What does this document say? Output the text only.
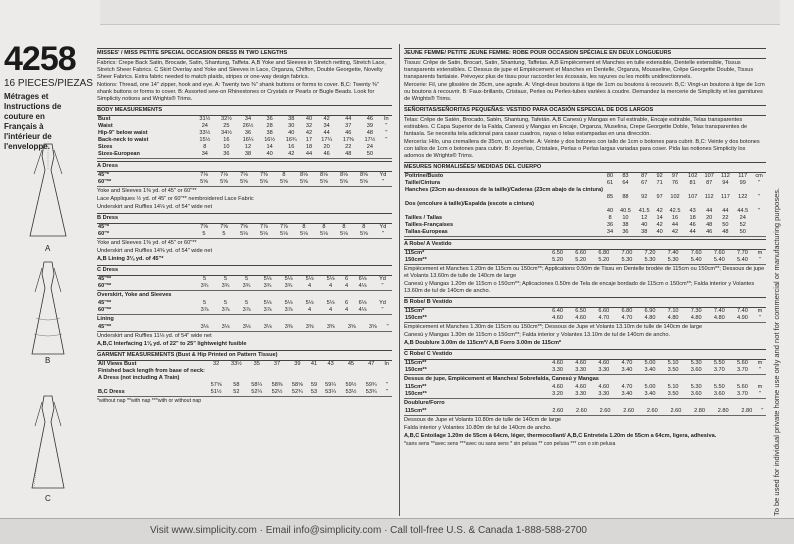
4258
16 PIECES/PIEZAS
Métrages et Instructions de couture en Français à l'intérieur de l'enveloppe.
A
B
C
MISSES' / MISS PETITE SPECIAL OCCASION DRESS IN TWO LENGTHS
Fabrics: Crepe Back Satin, Brocade, Satin, Shantung, Taffeta. A,B Yoke and Sleeves in Stretch netting, Stretch Lace, Stretch Sheer Fabrics. C Skirt Overlay and Yoke and Sleeves in Lace, Organza, Chiffon, Double Georgette, Novelty Sheer Fabrics. Extra fabric needed to match plaids, stripes or one-way design fabrics.
Notions: Thread, one 14" zipper, hook and eye. A: Twenty two ⅜" shank buttons or forms to cover. B,C: Twenty ⅜" shank buttons or forms to cover. B: Assorted sew-on Rhinestones or Crystals or Pearls or Bugle Beads. Look for Simplicity notions and Wrights® Trims.
BODY MEASUREMENTS
Bust	31½	32½	34	36	38	40	42	44	46	In
Waist	24	25	26½	28	30	32	34	37	39	"
Hip-9" below waist	33½	34½	36	38	40	42	44	46	48	"
Back-neck to waist	15½	16	16¼	16½	16¾	17	17¼	17⅜	17½	"
Sizes	8	10	12	14	16	18	20	22	24	
Sizes-European	34	36	38	40	42	44	46	48	50	
A Dress
45"*	7⅛	7⅛	7⅛	7⅜	8	8⅛	8⅛	8⅛	8⅝	Yd
60"**	5⅝	5⅝	5⅝	5⅝	5⅝	5⅝	5⅝	5⅝	5⅝	"
Yoke and Sleeves 1⅜ yd. of 45" or 60"**
Lace Appliques ½ yd. of 45" or 60"** nembroidered Lace Fabric
Underskirt and Ruffles 14⅛ yd. of 54" wide net
B Dress
45"*	7⅝	7⅝	7⅝	7⅞	7⅞	8	8	8	8	Yd
60"*	5	5	5⅛	5⅛	5⅛	5⅛	5⅛	5⅛	5⅝	"
Yoke and Sleeves 1⅜ yd. of 45" or 60"**
Underskirt and Ruffles 14⅜ yd. of 54" wide net
A,B Lining 3⅛ yd. of 45"*
C Dress
45"**	5	5	5	5⅛	5⅛	5⅛	5⅛	6	6⅛	Yd
60"**	3¾	3¾	3¾	3¾	3¾	4	4	4	4⅛	"
Overskirt, Yoke and Sleeves
45"**	5	5	5	5⅛	5⅛	5⅛	5⅛	6	6⅛	Yd
60"**	3⅞	3⅞	3⅞	3⅞	3⅞	4	4	4	4⅛	"
Lining
45"**	3⅛	3⅛	3⅛	3⅛	3⅜	3⅜	3⅜	3⅝	3⅝	"
Underskirt and Ruffles 11⅛ yd. of 54" wide net
A,B,C Interfacing 1⅛ yd. of 22" to 25" lightweight fusible
GARMENT MEASUREMENTS (Bust & Hip Printed on Pattern Tissue)
All Views Bust	32	33½	35	37	39	41	43	45	47	In
Finished back length from base of neck:										
A Dress (not including A Train)										
	57⅝	58	58¼	58⅜	58⅝	59	59¼	59½	59¾	"
B,C Dress	51½	52	52¼	52½	52¾	53	53¼	53½	53¾	"
*without nap **with nap ***with or without nap
JEUNE FEMME/ PETITE JEUNE FEMME: ROBE POUR OCCASION SPÉCIALE EN DEUX LONGUEURS
Tissus: Crêpe de Satin, Brocart, Satin, Shantung, Taffetas. A,B Empiècement et Manches en tulle extensible, Dentelle extensible, Tissus transparents extensibles. C Dessus de jupe et Empiècement et Manches en Dentelle, Organza, Mousseline, Crêpe Georgette Double, Tissus transparents fantaisie. Prévoyez plus de tissu pour raccorder les écossais, les rayures ou les motifs unidirectionnels.
Mercerie: Fil, une glissière de 35cm, une agrafe. A: Vingt-deux boutons à tige de 1cm ou boutons à recouvrir. B,C: Vingt-un boutons à tige de 1cm ou boutons à recouvrir. B: Faux-brillants, Cristaux, Perles ou Perles-tubes variées à coudre. Demandez la mercerie de Simplicity et les garnitures de Wrights® Trims.
SEÑORITAS/SEÑORITAS PEQUEÑAS: VESTIDO PARA OCASIÓN ESPECIAL DE DOS LARGOS
Telas: Crêpe de Satén, Brocado, Satén, Shantung, Tafetán. A,B Canesú y Mangas en Tul estirable, Encaje estirable, Telas transparentes estirables. C Capa Superior de la Falda, Canesú y Mangas en Encaje, Organza, Muselina, Crepe Georgette Doble, Telas transparentes de fantasía. Se necesita tela adicional para casar cuadros, rayas o telas estampadas en una dirección.
Mercería: Hilo, una cremallera de 35cm, un corchete. A: Veinte y dos botones con tallo de 1cm o botones para cubrir. B,C: Veinte y dos botones con tallos de 1cm o botones para cubrir. B: Joyerías, Cristales, Perlas o Perlas largas variadas para coser. Pida las notiones Simplicity los adornos de Wrights® Trims.
MESURES NORMALISÉES/ MEDIDAS DEL CUERPO
Poitrine/Busto	80	83	87	92	97	102	107	112	117	cm
Taille/Cintura	61	64	67	71	76	81	87	94	99	"
Hanches (23cm au-dessous de la taille)/Caderas (23cm abajo de la cintura)										
	85	88	92	97	102	107	112	117	122	"
Dos (encolure à taille)/Espalda (escote a cintura)										
	40	40.5	41.5	42	42.5	43	44	44	44.5	"
Tailles / Tallas	8	10	12	14	16	18	20	22	24	
Tailles-Françaises	36	38	40	42	44	46	48	50	52	
Tallas-Europeas	34	36	38	40	42	44	46	48	50	
A Robe/ A Vestido
115cm*	6.50	6.60	6.80	7.00	7.20	7.40	7.60	7.60	7.70	m
150cm**	5.20	5.20	5.20	5.30	5.30	5.30	5.40	5.40	5.40	"
Empiècement et Manches 1.20m de 115cm ou 150cm**; Applications 0.50m de Tissu en Dentelle brodée de 115cm ou 150cm**; Dessous de jupe et Volants 13.60m de tulle de 140cm de large
Canesú y Mangas 1.20m de 115cm o 150cm**; Aplicaciones 0.50m de Tela de encaje bordado de 115cm o 150cm**; Falda interior y Volantes 13.60m de tul de 140cm de ancho.
B Robe/ B Vestido
115cm*	6.40	6.50	6.60	6.80	6.90	7.10	7.30	7.40	7.40	m
150cm**	4.60	4.60	4.70	4.70	4.80	4.80	4.80	4.80	4.90	"
Empiècement et Manches 1.30m de 115cm ou 150cm**; Dessous de Jupe et Volants 13.10m de tulle de 140cm de large
Canesú y Mangas 1.30m de 115cm o 150cm**; Falda interior y Volantes 13.10m de tul de 140cm de ancho.
A,B Doublure 3.00m de 115cm*/ A,B Forro 3.00m de 115cm*
C Robe/ C Vestido
115cm**	4.60	4.60	4.60	4.70	5.00	5.10	5.30	5.50	5.60	m
150cm**	3.30	3.30	3.30	3.40	3.40	3.50	3.60	3.70	3.70	"
Dessus de jupe, Empiècement et Manches/ Sobrefalda, Canesú y Mangas
115cm**	4.60	4.60	4.60	4.70	5.00	5.10	5.30	5.50	5.60	m
150cm**	3.20	3.30	3.30	3.40	3.40	3.50	3.60	3.60	3.70	"
Doublure/Forro
115cm**	2.60	2.60	2.60	2.60	2.60	2.60	2.80	2.80	2.80	"
Dessous de Jupe et Volants 10.80m de tulle de 140cm de large
Falda interior y Volantes 10.80m de tul de 140cm de ancho.
A,B,C Entoilage 1.20m de 55cm à 64cm, léger, thermocollant/ A,B,C Entretela 1.20m de 55cm a 64cm, ligera, adhesiva.
*sans sens **avec sens ***avec ou sans sens * sin pelusa ** con pelusa *** con o sin pelusa	To be used for individual private home use only and not for commercial or manufacturing purposes.
Visit www.simplicity.com · Email info@simplicity.com · Call toll-free U.S. & Canada 1-888-588-2700
